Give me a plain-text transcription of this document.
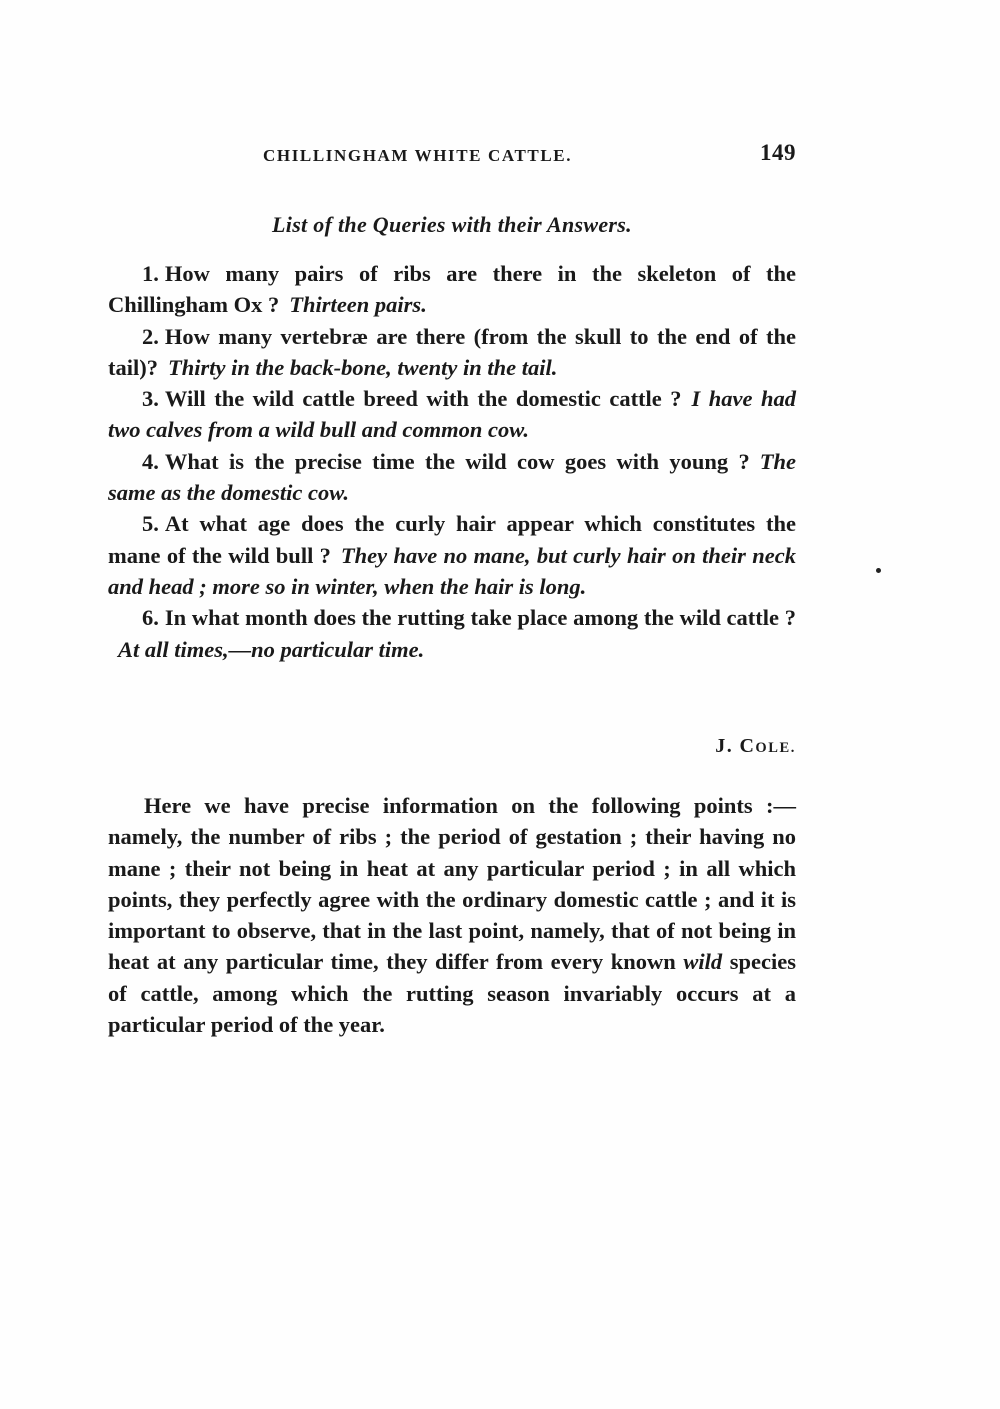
CHILLINGHAM WHITE CATTLE.	149
List of the Queries with their Answers.

1. How many pairs of ribs are there in the skeleton of the Chillingham Ox ? Thirteen pairs.

2. How many vertebræ are there (from the skull to the end of the tail)? Thirty in the back-bone, twenty in the tail.

3. Will the wild cattle breed with the domestic cattle ? I have had two calves from a wild bull and common cow.

4. What is the precise time the wild cow goes with young ? The same as the domestic cow.

5. At what age does the curly hair appear which constitutes the mane of the wild bull ? They have no mane, but curly hair on their neck and head ; more so in winter, when the hair is long.

6. In what month does the rutting take place among the wild cattle ?At all times,—no particular time.

J. COLE.

Here we have precise information on the following points :—namely, the number of ribs ; the period of gestation ; their having no mane ; their not being in heat at any particular period ; in all which points, they perfectly agree with the ordinary domestic cattle ; and it is important to observe, that in the last point, namely, that of not being in heat at any particular time, they differ from every known wild species of cattle, among which the rutting season invariably occurs at a particular period of the year.
